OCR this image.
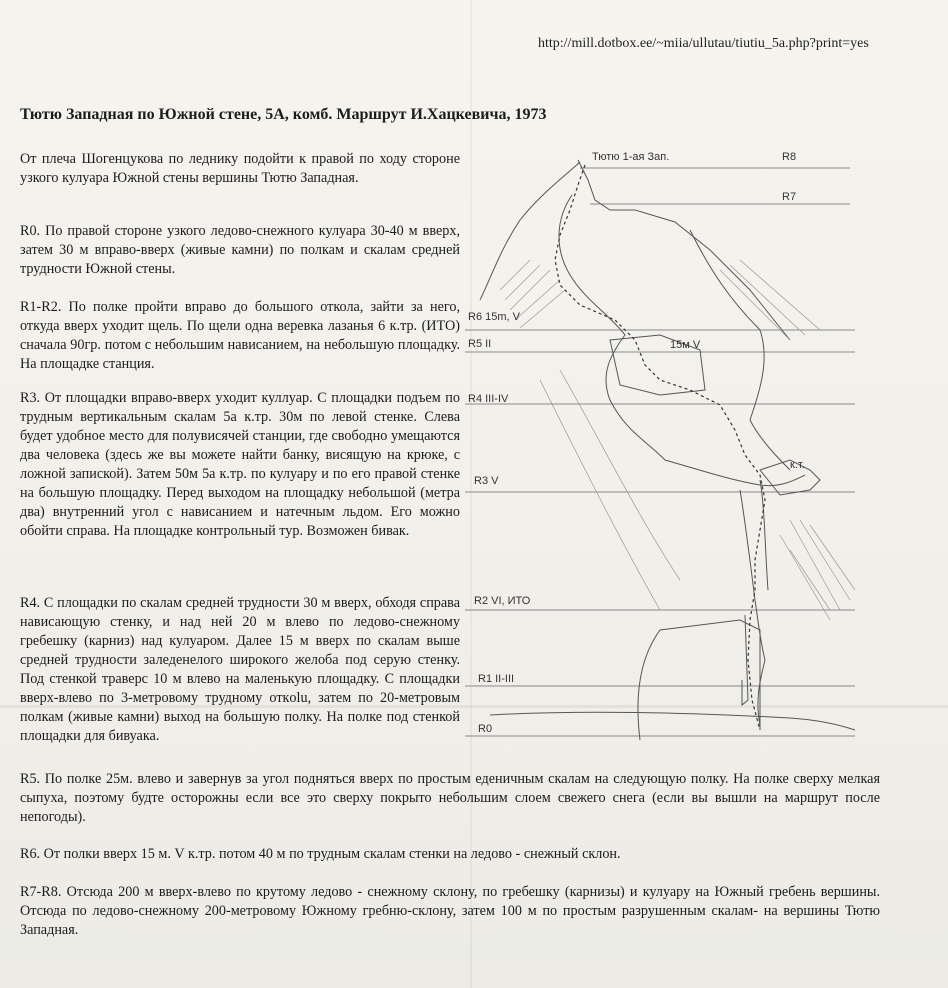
http://mill.dotbox.ee/~miia/ullutau/tiutiu_5a.php?print=yes
Тютю Западная по Южной стене, 5А, комб. Маршрут И.Хацкевича, 1973

От плеча Шогенцукова по леднику подойти к правой по ходу стороне узкого кулуара Южной стены вершины Тютю Западная.

R0. По правой стороне узкого ледово-снежного кулуара 30-40 м вверх, затем 30 м вправо-вверх (живые камни) по полкам и скалам средней трудности Южной стены.

R1-R2. По полке пройти вправо до большого откола, зайти за него, откуда вверх уходит щель. По щели одна веревка лазанья 6 к.тр. (ИТО) сначала 90гр. потом с небольшим нависанием, на небольшую площадку. На площадке станция.

R3. От площадки вправо-вверх уходит куллуар. С площадки подъем по трудным вертикальным скалам 5а к.тр. 30м по левой стенке. Слева будет удобное место для полувисячей станции, где свободно умещаются два человека (здесь же вы можете найти банку, висящую на крюке, с ложной запиской). Затем 50м 5а к.тр. по кулуару и по его правой стенке на большую площадку. Перед выходом на площадку небольшой (метра два) внутренний угол с нависанием и натечным льдом. Его можно обойти справа. На площадке контрольный тур. Возможен бивак.

R4. С площадки по скалам средней трудности 30 м вверх, обходя справа нависающую стенку, и над ней 20 м влево по ледово-снежному гребешку (карниз) над кулуаром. Далее 15 м вверх по скалам выше средней трудности заледенелого широкого желоба под серую стенку. Под стенкой траверс 10 м влево на маленькую площадку. С площадки вверх-влево по 3-метровому трудному откolu, затем по 20-метровым полкам (живые камни) выход на большую полку. На полке под стенкой площадки для бивуака.

R5. По полке 25м. влево и завернув за угол подняться вверх по простым еденичным скалам на следующую полку. На полке сверху мелкая сыпуха, поэтому будте осторожны если все это сверху покрыто небольшим слоем свежего снега (если вы вышли на маршрут после непогоды).

R6. От полки вверх 15 м. V к.тр. потом 40 м по трудным скалам стенки на ледово - снежный склон.

R7-R8. Отсюда 200 м вверх-влево по крутому ледово - снежному склону, по гребешку (карнизы) и кулуару на Южный гребень вершины. Отсюда по ледово-снежному 200-метровому Южному гребню-склону, затем 100 м по простым разрушенным скалам- на вершины Тютю Западная.

Тютю 1-ая Зап.	R8
R7
R6 15m, V
R5 II
R4 III-IV
R3 V
R2 VI, ИТО
R1 II-III
R0
к.т.
15м V
